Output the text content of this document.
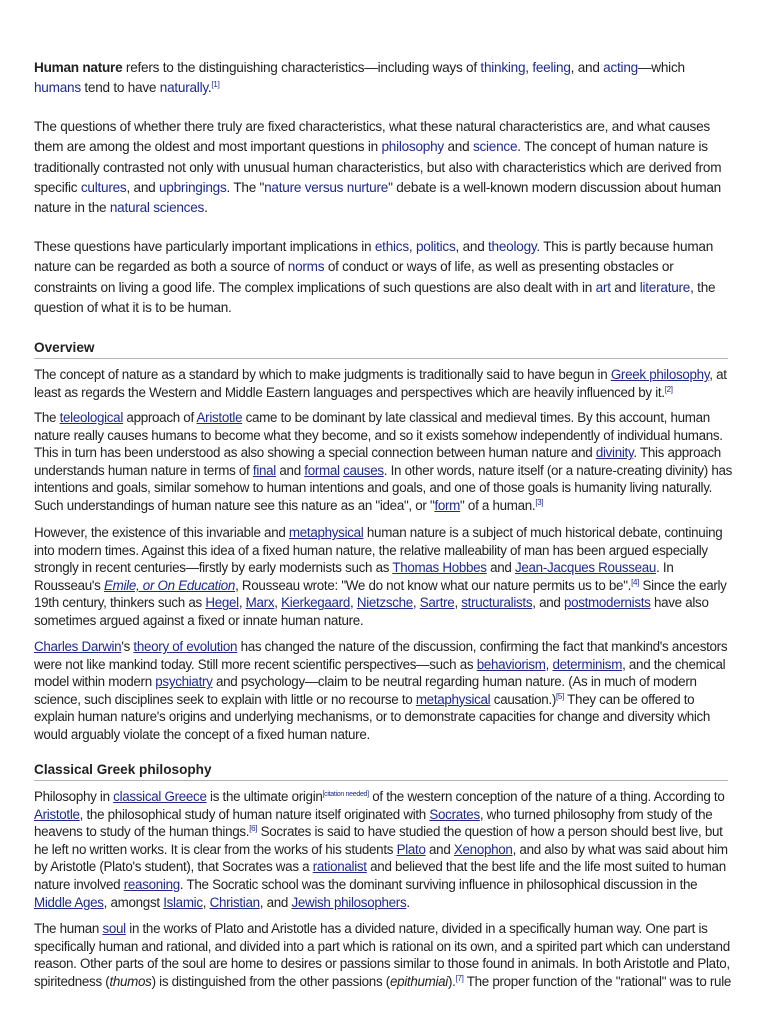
Human nature refers to the distinguishing characteristics—including ways of thinking, feeling, and acting—which humans tend to have naturally.[1]
The questions of whether there truly are fixed characteristics, what these natural characteristics are, and what causes them are among the oldest and most important questions in philosophy and science. The concept of human nature is traditionally contrasted not only with unusual human characteristics, but also with characteristics which are derived from specific cultures, and upbringings. The "nature versus nurture" debate is a well-known modern discussion about human nature in the natural sciences.
These questions have particularly important implications in ethics, politics, and theology. This is partly because human nature can be regarded as both a source of norms of conduct or ways of life, as well as presenting obstacles or constraints on living a good life. The complex implications of such questions are also dealt with in art and literature, the question of what it is to be human.
Overview
The concept of nature as a standard by which to make judgments is traditionally said to have begun in Greek philosophy, at least as regards the Western and Middle Eastern languages and perspectives which are heavily influenced by it.[2]
The teleological approach of Aristotle came to be dominant by late classical and medieval times. By this account, human nature really causes humans to become what they become, and so it exists somehow independently of individual humans. This in turn has been understood as also showing a special connection between human nature and divinity. This approach understands human nature in terms of final and formal causes. In other words, nature itself (or a nature-creating divinity) has intentions and goals, similar somehow to human intentions and goals, and one of those goals is humanity living naturally. Such understandings of human nature see this nature as an "idea", or "form" of a human.[3]
However, the existence of this invariable and metaphysical human nature is a subject of much historical debate, continuing into modern times. Against this idea of a fixed human nature, the relative malleability of man has been argued especially strongly in recent centuries—firstly by early modernists such as Thomas Hobbes and Jean-Jacques Rousseau. In Rousseau's Emile, or On Education, Rousseau wrote: "We do not know what our nature permits us to be".[4] Since the early 19th century, thinkers such as Hegel, Marx, Kierkegaard, Nietzsche, Sartre, structuralists, and postmodernists have also sometimes argued against a fixed or innate human nature.
Charles Darwin's theory of evolution has changed the nature of the discussion, confirming the fact that mankind's ancestors were not like mankind today. Still more recent scientific perspectives—such as behaviorism, determinism, and the chemical model within modern psychiatry and psychology—claim to be neutral regarding human nature. (As in much of modern science, such disciplines seek to explain with little or no recourse to metaphysical causation.)[5] They can be offered to explain human nature's origins and underlying mechanisms, or to demonstrate capacities for change and diversity which would arguably violate the concept of a fixed human nature.
Classical Greek philosophy
Philosophy in classical Greece is the ultimate origin[citation needed] of the western conception of the nature of a thing. According to Aristotle, the philosophical study of human nature itself originated with Socrates, who turned philosophy from study of the heavens to study of the human things.[6] Socrates is said to have studied the question of how a person should best live, but he left no written works. It is clear from the works of his students Plato and Xenophon, and also by what was said about him by Aristotle (Plato's student), that Socrates was a rationalist and believed that the best life and the life most suited to human nature involved reasoning. The Socratic school was the dominant surviving influence in philosophical discussion in the Middle Ages, amongst Islamic, Christian, and Jewish philosophers.
The human soul in the works of Plato and Aristotle has a divided nature, divided in a specifically human way. One part is specifically human and rational, and divided into a part which is rational on its own, and a spirited part which can understand reason. Other parts of the soul are home to desires or passions similar to those found in animals. In both Aristotle and Plato, spiritedness (thumos) is distinguished from the other passions (epithumiai).[7] The proper function of the "rational" was to rule
